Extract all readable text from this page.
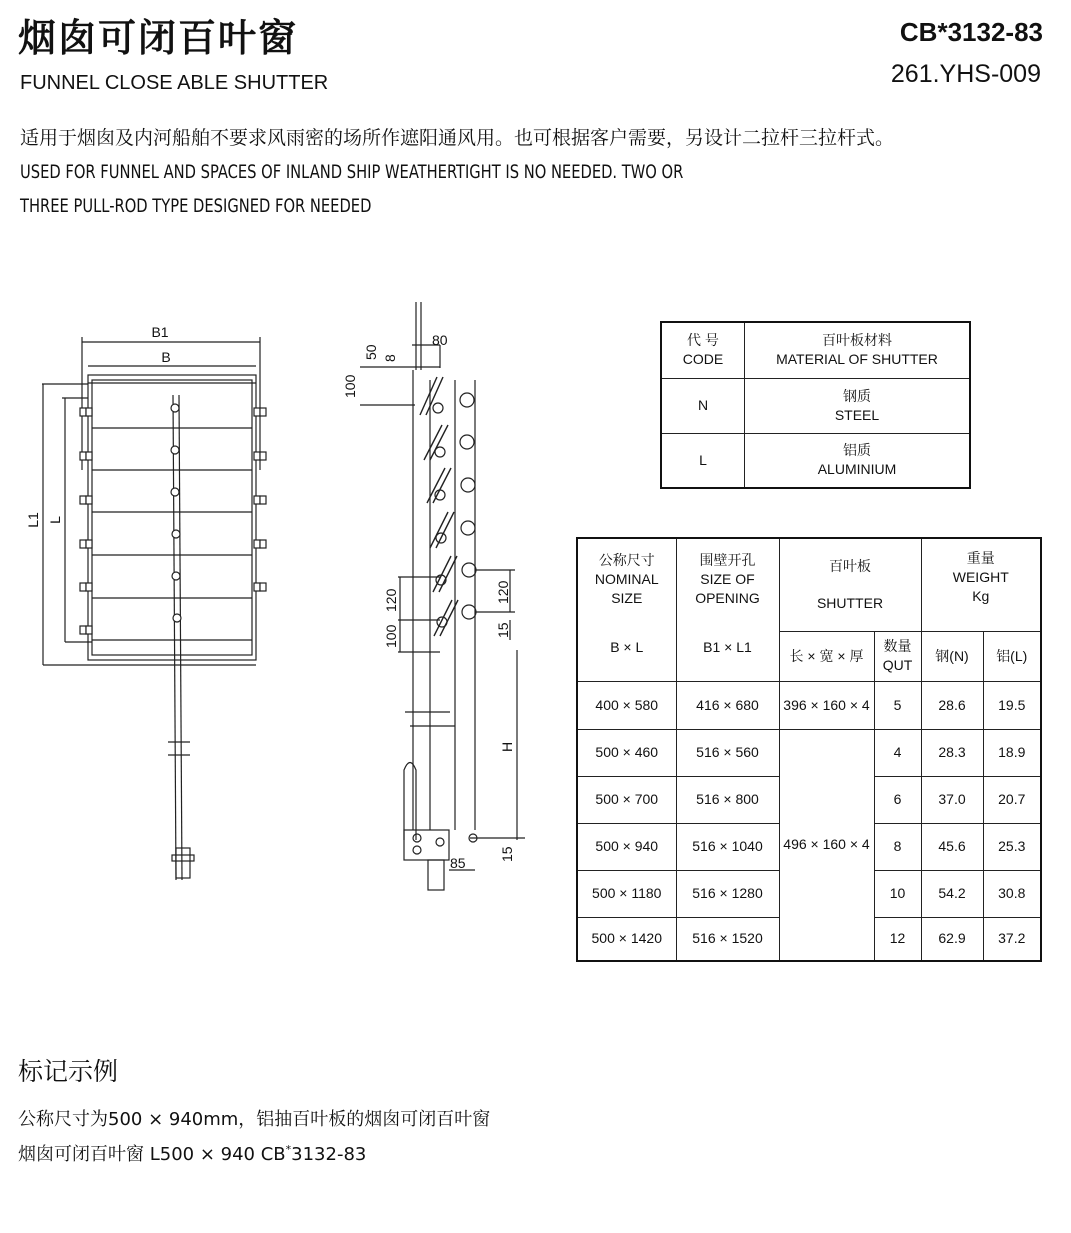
烟囱可闭百叶窗
FUNNEL CLOSE ABLE SHUTTER
CB*3132-83
261.YHS-009
适用于烟囱及内河船舶不要求风雨密的场所作遮阳通风用。也可根据客户需要，另设计二拉杆三拉杆式。
USED FOR FUNNEL AND SPACES OF INLAND SHIP WEATHERTIGHT IS NO NEEDED. TWO OR
THREE PULL-ROD TYPE DESIGNED FOR NEEDED
B1
B
L1 L
80
50 8
100
120
100
120
15
H
15
85
代 号
CODE

百叶板材料
MATERIAL OF SHUTTER

N	钢质
STEEL

L	铝质
ALUMINIUM
公称尺寸
NOMINAL
SIZE
B × L

围壁开孔
SIZE OF
OPENING
B1 × L1

百叶板
SHUTTER

重量
WEIGHT
Kg

		长 × 宽 × 厚	数量
QUT	钢(N)	铝(L)
400 × 580	416 × 680	396 × 160 × 4	5	28.6	19.5
500 × 460	516 × 560	496 × 160 × 4	4	28.3	18.9
500 × 700	516 × 800		6	37.0	20.7
500 × 940	516 × 1040		8	45.6	25.3
500 × 1180	516 × 1280		10	54.2	30.8
500 × 1420	516 × 1520		12	62.9	37.2
标记示例
公称尺寸为500 × 940mm，铝抽百叶板的烟囱可闭百叶窗
烟囱可闭百叶窗 L500 × 940 CB*3132-83
